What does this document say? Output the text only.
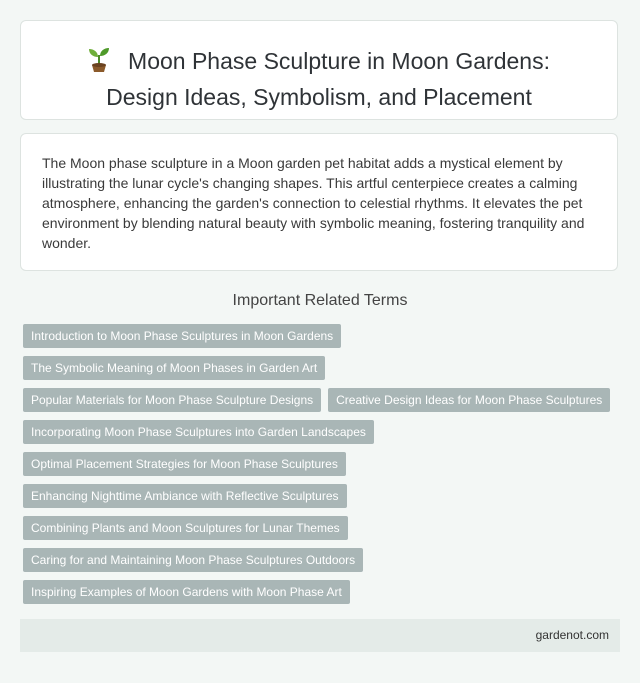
Moon Phase Sculpture in Moon Gardens:
Design Ideas, Symbolism, and Placement
The Moon phase sculpture in a Moon garden pet habitat adds a mystical element by illustrating the lunar cycle's changing shapes. This artful centerpiece creates a calming atmosphere, enhancing the garden's connection to celestial rhythms. It elevates the pet environment by blending natural beauty with symbolic meaning, fostering tranquility and wonder.
Important Related Terms
Introduction to Moon Phase Sculptures in Moon Gardens
The Symbolic Meaning of Moon Phases in Garden Art
Popular Materials for Moon Phase Sculpture Designs	Creative Design Ideas for Moon Phase Sculptures
Incorporating Moon Phase Sculptures into Garden Landscapes
Optimal Placement Strategies for Moon Phase Sculptures
Enhancing Nighttime Ambiance with Reflective Sculptures
Combining Plants and Moon Sculptures for Lunar Themes
Caring for and Maintaining Moon Phase Sculptures Outdoors
Inspiring Examples of Moon Gardens with Moon Phase Art
gardenot.com
